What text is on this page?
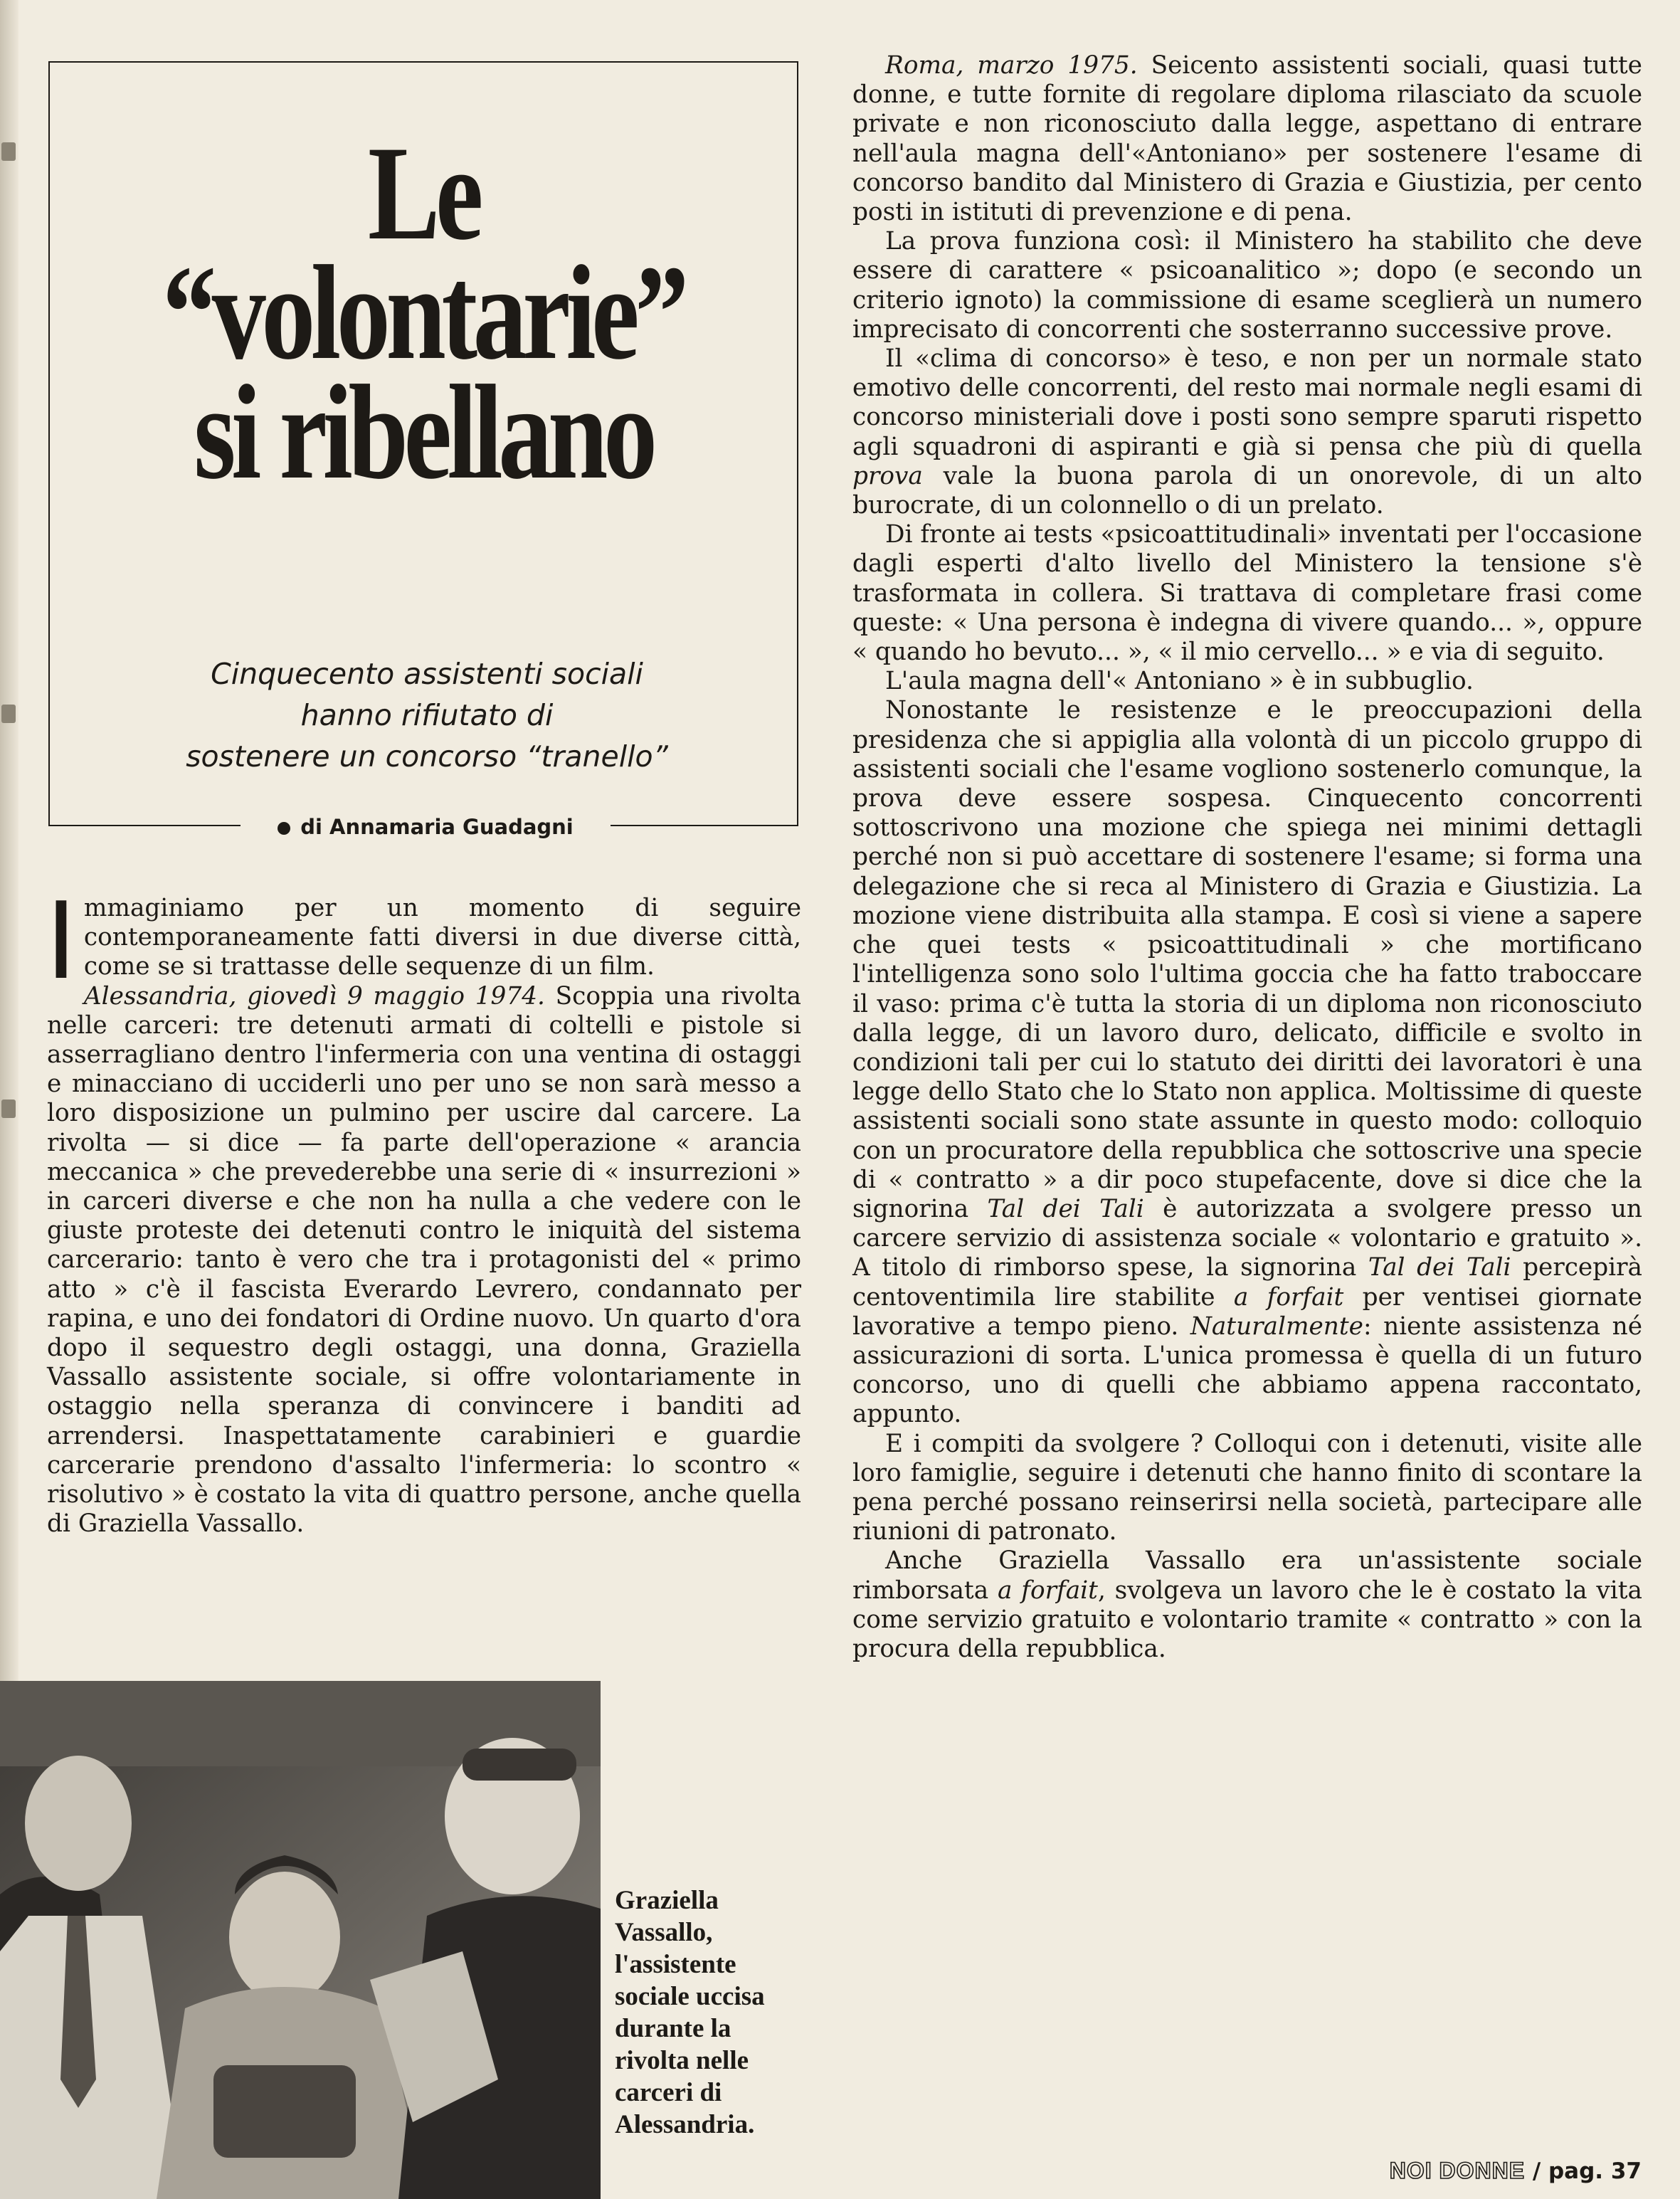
Le
“volontarie”
si ribellano
Cinquecento assistenti sociali
hanno rifiutato di
sostenere un concorso “tranello”
di Annamaria Guadagni

Immaginiamo per un momento di seguire contemporaneamente fatti diversi in due diverse città, come se si trattasse delle sequenze di un film.

Alessandria, giovedì 9 maggio 1974. Scoppia una rivolta nelle carceri: tre detenuti armati di coltelli e pistole si asserragliano dentro l'infermeria con una ventina di ostaggi e minacciano di ucciderli uno per uno se non sarà messo a loro disposizione un pulmino per uscire dal carcere. La rivolta — si dice — fa parte dell'operazione « arancia meccanica » che prevederebbe una serie di « insurrezioni » in carceri diverse e che non ha nulla a che vedere con le giuste proteste dei detenuti contro le iniquità del sistema carcerario: tanto è vero che tra i protagonisti del « primo atto » c'è il fascista Everardo Levrero, condannato per rapina, e uno dei fondatori di Ordine nuovo. Un quarto d'ora dopo il sequestro degli ostaggi, una donna, Graziella Vassallo assistente sociale, si offre volontariamente in ostaggio nella speranza di convincere i banditi ad arrendersi. Inaspettatamente carabinieri e guardie carcerarie prendono d'assalto l'infermeria: lo scontro « risolutivo » è costato la vita di quattro persone, anche quella di Graziella Vassallo.

Graziella Vassallo, l'assistente sociale uccisa durante la rivolta nelle carceri di Alessandria.

Roma, marzo 1975. Seicento assistenti sociali, quasi tutte donne, e tutte fornite di regolare diploma rilasciato da scuole private e non riconosciuto dalla legge, aspettano di entrare nell'aula magna dell'«Antoniano» per sostenere l'esame di concorso bandito dal Ministero di Grazia e Giustizia, per cento posti in istituti di prevenzione e di pena.

La prova funziona così: il Ministero ha stabilito che deve essere di carattere « psicoanalitico »; dopo (e secondo un criterio ignoto) la commissione di esame sceglierà un numero imprecisato di concorrenti che sosterranno successive prove.

Il «clima di concorso» è teso, e non per un normale stato emotivo delle concorrenti, del resto mai normale negli esami di concorso ministeriali dove i posti sono sempre sparuti rispetto agli squadroni di aspiranti e già si pensa che più di quella prova vale la buona parola di un onorevole, di un alto burocrate, di un colonnello o di un prelato.

Di fronte ai tests «psicoattitudinali» inventati per l'occasione dagli esperti d'alto livello del Ministero la tensione s'è trasformata in collera. Si trattava di completare frasi come queste: « Una persona è indegna di vivere quando... », oppure « quando ho bevuto... », « il mio cervello... » e via di seguito.

L'aula magna dell'« Antoniano » è in subbuglio.

Nonostante le resistenze e le preoccupazioni della presidenza che si appiglia alla volontà di un piccolo gruppo di assistenti sociali che l'esame vogliono sostenerlo comunque, la prova deve essere sospesa. Cinquecento concorrenti sottoscrivono una mozione che spiega nei minimi dettagli perché non si può accettare di sostenere l'esame; si forma una delegazione che si reca al Ministero di Grazia e Giustizia. La mozione viene distribuita alla stampa. E così si viene a sapere che quei tests « psicoattitudinali » che mortificano l'intelligenza sono solo l'ultima goccia che ha fatto traboccare il vaso: prima c'è tutta la storia di un diploma non riconosciuto dalla legge, di un lavoro duro, delicato, difficile e svolto in condizioni tali per cui lo statuto dei diritti dei lavoratori è una legge dello Stato che lo Stato non applica. Moltissime di queste assistenti sociali sono state assunte in questo modo: colloquio con un procuratore della repubblica che sottoscrive una specie di « contratto » a dir poco stupefacente, dove si dice che la signorina Tal dei Tali è autorizzata a svolgere presso un carcere servizio di assistenza sociale « volontario e gratuito ». A titolo di rimborso spese, la signorina Tal dei Tali percepirà centoventimila lire stabilite a forfait per ventisei giornate lavorative a tempo pieno. Naturalmente: niente assistenza né assicurazioni di sorta. L'unica promessa è quella di un futuro concorso, uno di quelli che abbiamo appena raccontato, appunto.

E i compiti da svolgere ? Colloqui con i detenuti, visite alle loro famiglie, seguire i detenuti che hanno finito di scontare la pena perché possano reinserirsi nella società, partecipare alle riunioni di patronato.

Anche Graziella Vassallo era un'assistente sociale rimborsata a forfait, svolgeva un lavoro che le è costato la vita come servizio gratuito e volontario tramite « contratto » con la procura della repubblica.

NOI DONNE / pag. 37
